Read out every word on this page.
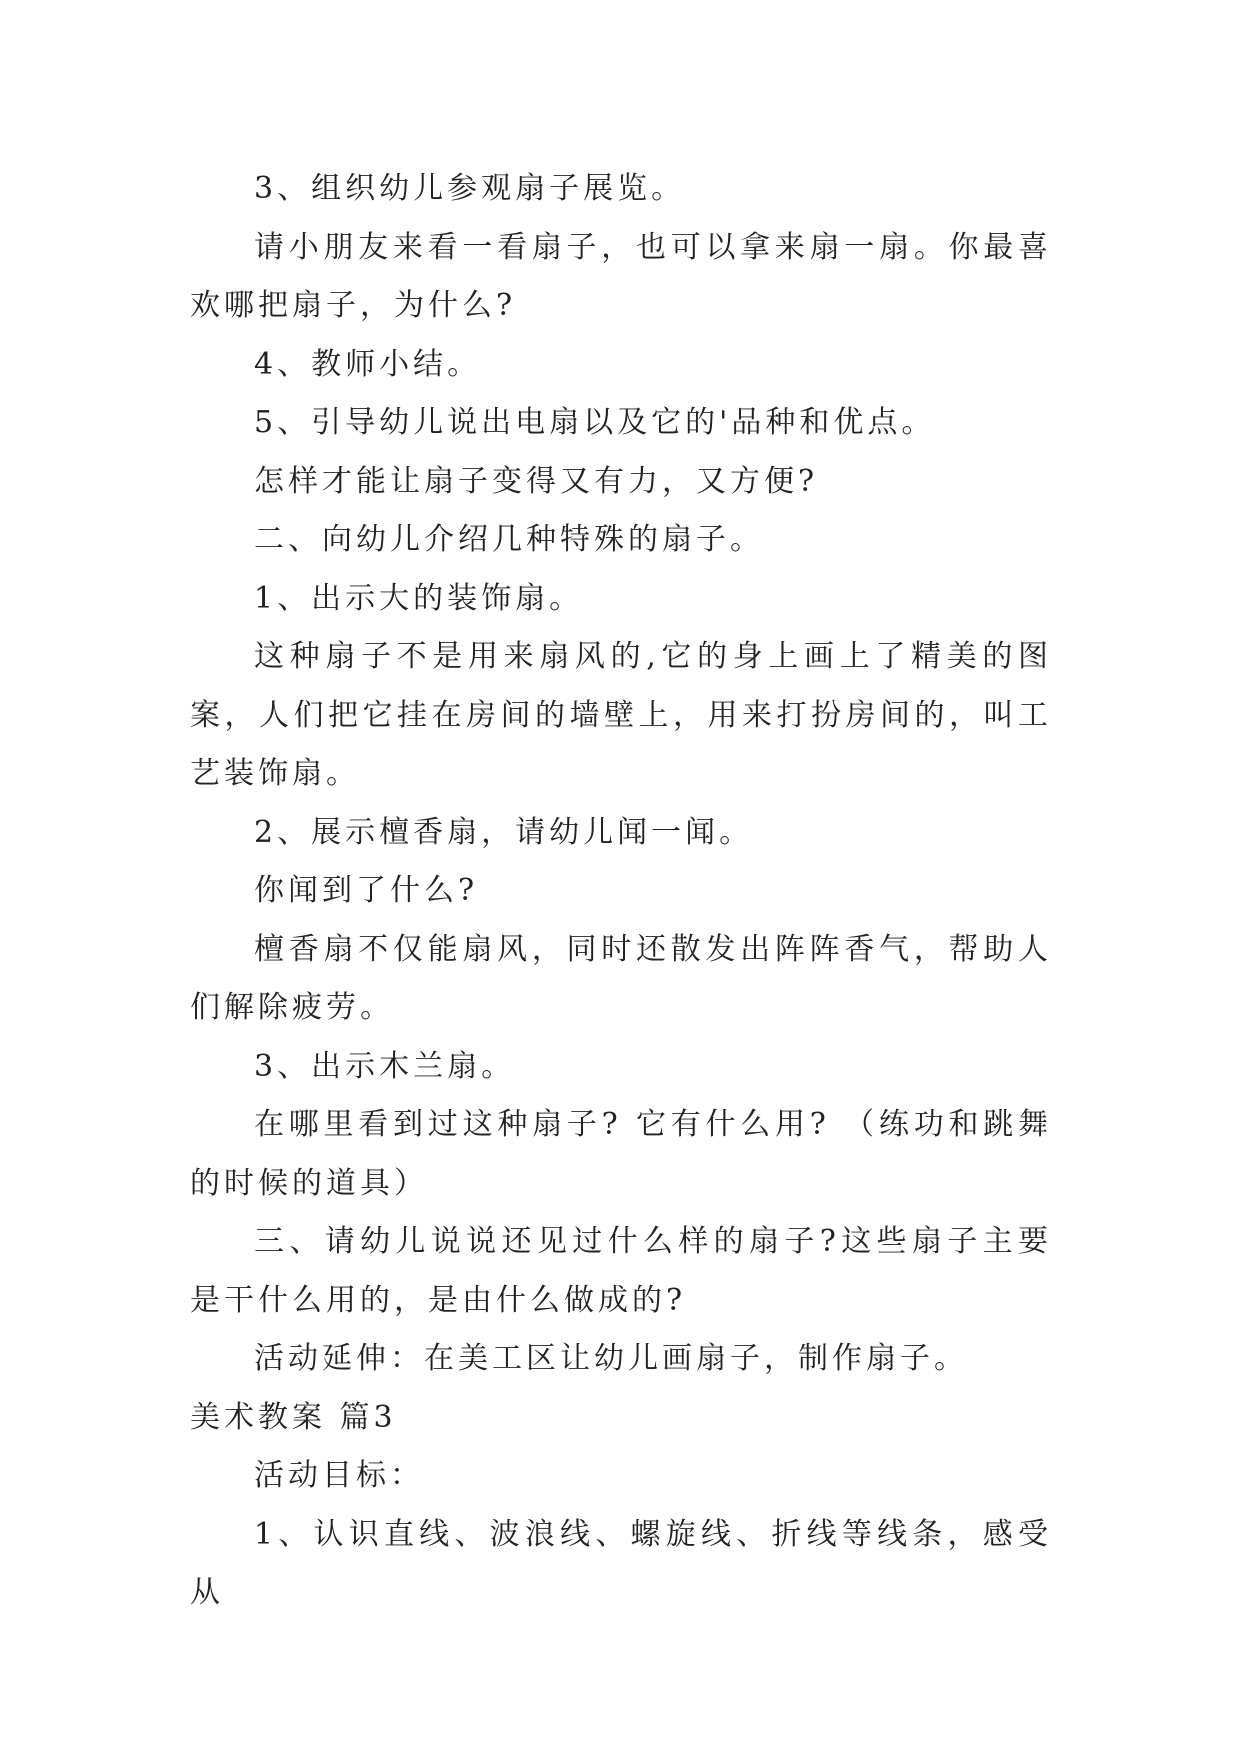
3、组织幼儿参观扇子展览。

请小朋友来看一看扇子，也可以拿来扇一扇。你最喜欢哪把扇子，为什么?

4、教师小结。

5、引导幼儿说出电扇以及它的'品种和优点。

怎样才能让扇子变得又有力，又方便?

二、向幼儿介绍几种特殊的扇子。

1、出示大的装饰扇。

这种扇子不是用来扇风的,它的身上画上了精美的图案，人们把它挂在房间的墙壁上，用来打扮房间的，叫工艺装饰扇。

2、展示檀香扇，请幼儿闻一闻。

你闻到了什么?

檀香扇不仅能扇风，同时还散发出阵阵香气，帮助人们解除疲劳。

3、出示木兰扇。

在哪里看到过这种扇子? 它有什么用? （练功和跳舞的时候的道具）

三、请幼儿说说还见过什么样的扇子?这些扇子主要是干什么用的，是由什么做成的?

活动延伸：在美工区让幼儿画扇子，制作扇子。

美术教案 篇3

活动目标：

1、认识直线、波浪线、螺旋线、折线等线条，感受从
